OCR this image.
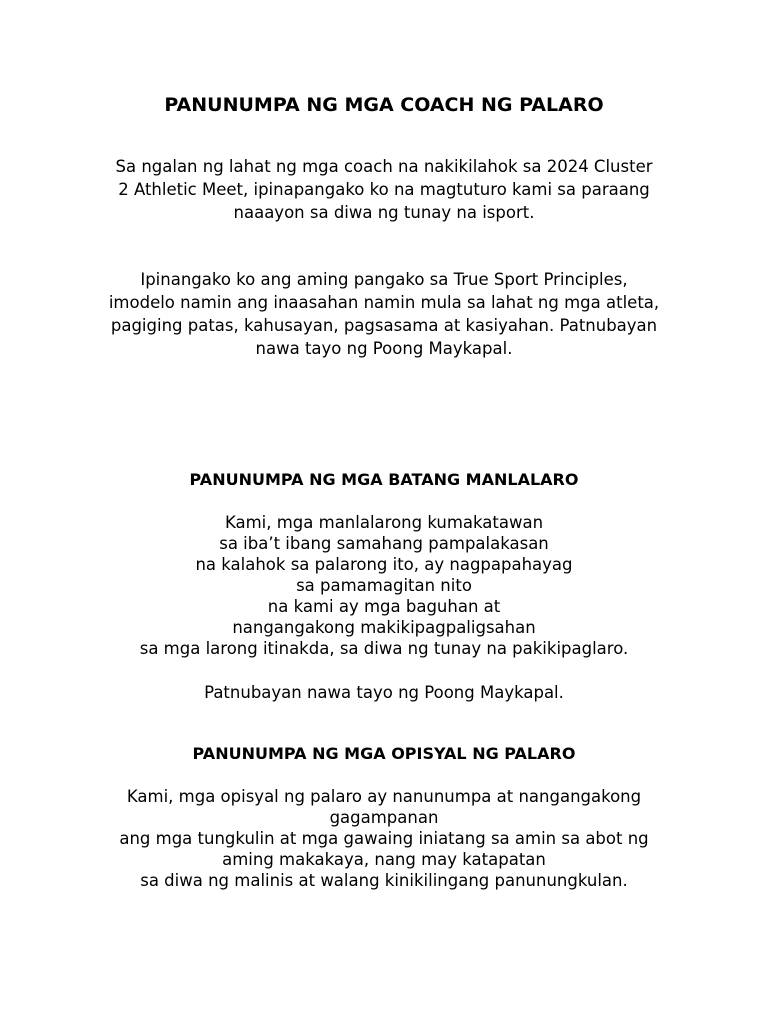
PANUNUMPA NG MGA COACH NG PALARO
Sa ngalan ng lahat ng mga coach na nakikilahok sa 2024 Cluster
2 Athletic Meet, ipinapangako ko na magtuturo kami sa paraang
naaayon sa diwa ng tunay na isport.
Ipinangako ko ang aming pangako sa True Sport Principles,
imodelo namin ang inaasahan namin mula sa lahat ng mga atleta,
pagiging patas, kahusayan, pagsasama at kasiyahan. Patnubayan
nawa tayo ng Poong Maykapal.
PANUNUMPA NG MGA BATANG MANLALARO
Kami, mga manlalarong kumakatawan
sa iba’t ibang samahang pampalakasan
na kalahok sa palarong ito, ay nagpapahayag
sa pamamagitan nito
na kami ay mga baguhan at
nangangakong makikipagpaligsahan
sa mga larong itinakda, sa diwa ng tunay na pakikipaglaro.
Patnubayan nawa tayo ng Poong Maykapal.
PANUNUMPA NG MGA OPISYAL NG PALARO
Kami, mga opisyal ng palaro ay nanunumpa at nangangakong
gagampanan
ang mga tungkulin at mga gawaing iniatang sa amin sa abot ng
aming makakaya, nang may katapatan
sa diwa ng malinis at walang kinikilingang panunungkulan.
